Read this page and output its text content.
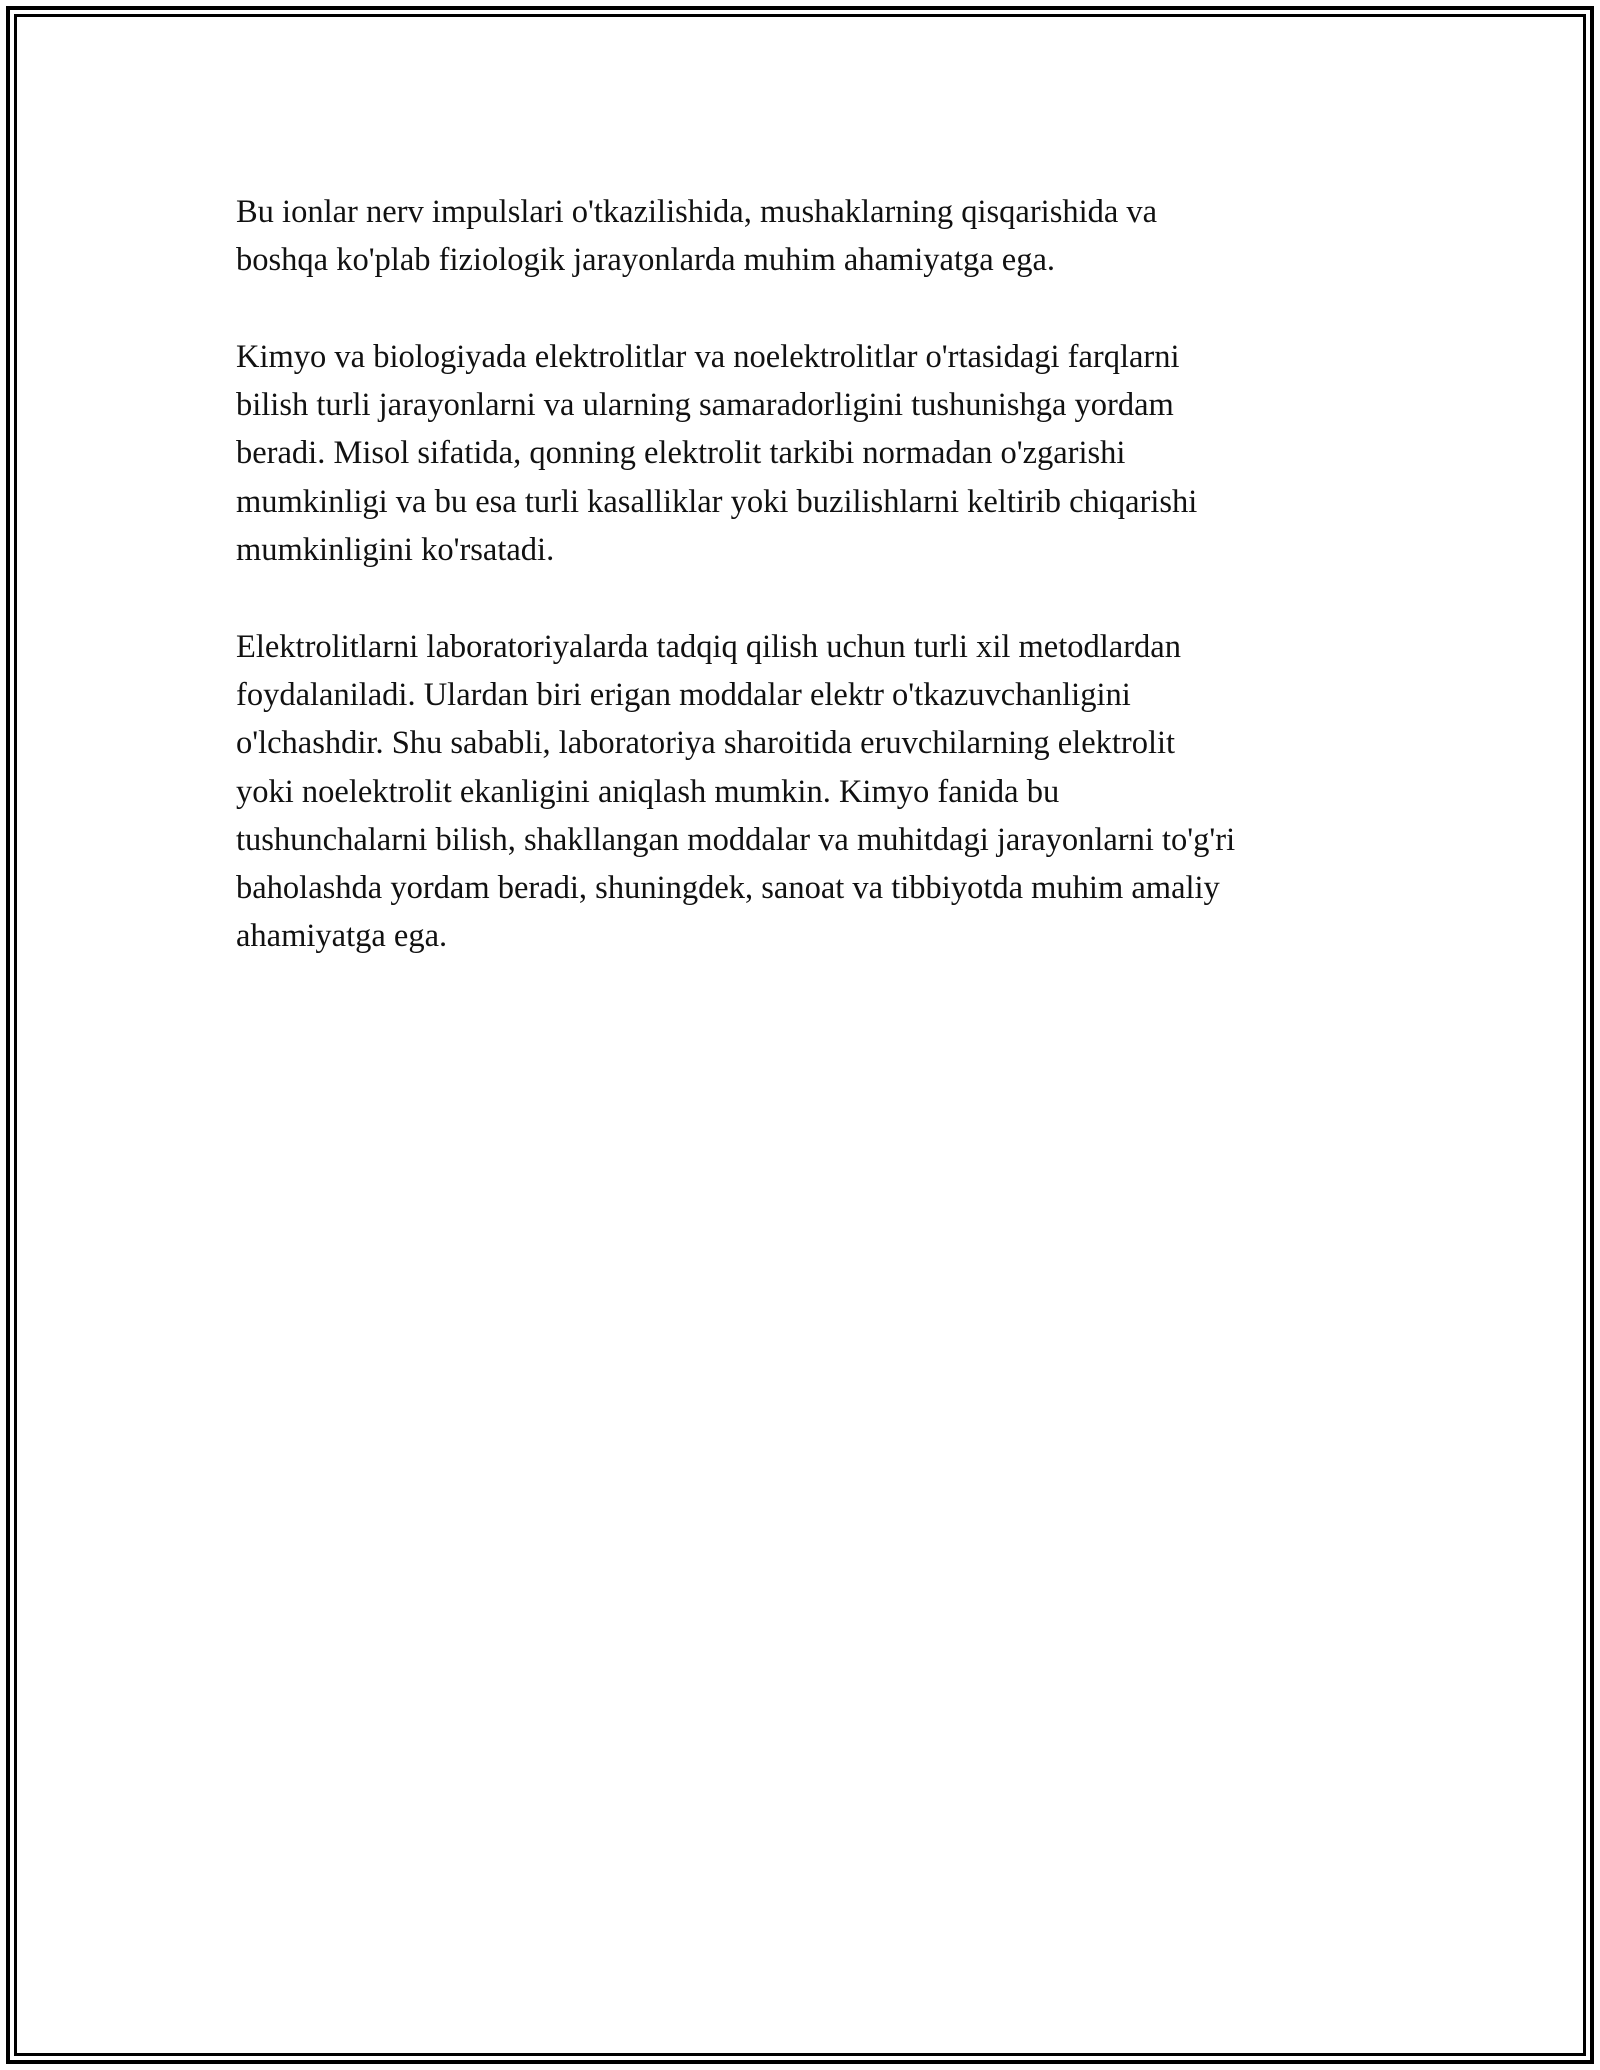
Bu ionlar nerv impulslari o'tkazilishida, mushaklarning qisqarishida va
boshqa ko'plab fiziologik jarayonlarda muhim ahamiyatga ega.
Kimyo va biologiyada elektrolitlar va noelektrolitlar o'rtasidagi farqlarni
bilish turli jarayonlarni va ularning samaradorligini tushunishga yordam
beradi. Misol sifatida, qonning elektrolit tarkibi normadan o'zgarishi
mumkinligi va bu esa turli kasalliklar yoki buzilishlarni keltirib chiqarishi
mumkinligini ko'rsatadi.
Elektrolitlarni laboratoriyalarda tadqiq qilish uchun turli xil metodlardan
foydalaniladi. Ulardan biri erigan moddalar elektr o'tkazuvchanligini
o'lchashdir. Shu sababli, laboratoriya sharoitida eruvchilarning elektrolit
yoki noelektrolit ekanligini aniqlash mumkin. Kimyo fanida bu
tushunchalarni bilish, shakllangan moddalar va muhitdagi jarayonlarni to'g'ri
baholashda yordam beradi, shuningdek, sanoat va tibbiyotda muhim amaliy
ahamiyatga ega.
